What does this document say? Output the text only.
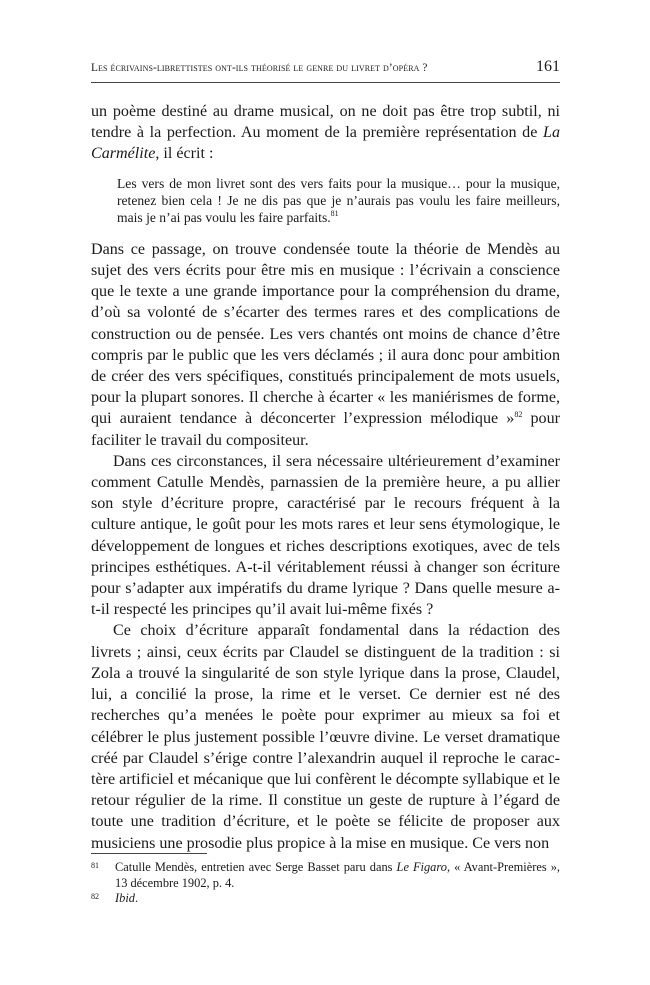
Les écrivains-librettistes ont-ils théorisé le genre du livret d’opéra ?	161

un poème destiné au drame musical, on ne doit pas être trop subtil, ni tendre à la perfection. Au moment de la première représentation de La Carmélite, il écrit :

Les vers de mon livret sont des vers faits pour la musique… pour la musique, retenez bien cela ! Je ne dis pas que je n’aurais pas voulu les faire meilleurs, mais je n’ai pas voulu les faire parfaits.$^{81}$

Dans ce passage, on trouve condensée toute la théorie de Mendès au sujet des vers écrits pour être mis en musique : l’écrivain a conscience que le texte a une grande importance pour la compréhension du drame, d’où sa volonté de s’écarter des termes rares et des complications de construction ou de pensée. Les vers chantés ont moins de chance d’être compris par le public que les vers déclamés ; il aura donc pour ambition de créer des vers spécifiques, constitués principalement de mots usuels, pour la plupart sonores. Il cherche à écarter « les maniérismes de forme, qui auraient tendance à déconcerter l’expression mélodique »$^{82}$ pour faciliter le travail du compositeur.

Dans ces circonstances, il sera nécessaire ultérieurement d’examiner comment Catulle Mendès, parnassien de la première heure, a pu allier son style d’écriture propre, caractérisé par le recours fréquent à la culture antique, le goût pour les mots rares et leur sens étymologique, le développement de longues et riches descriptions exotiques, avec de tels principes esthétiques. A-t-il véritablement réussi à changer son écriture pour s’adapter aux impératifs du drame lyrique ? Dans quelle mesure a-t-il respecté les principes qu’il avait lui-même fixés ?

Ce choix d’écriture apparaît fondamental dans la rédaction des livrets ; ainsi, ceux écrits par Claudel se distinguent de la tradition : si Zola a trouvé la singularité de son style lyrique dans la prose, Claudel, lui, a concilié la prose, la rime et le verset. Ce dernier est né des recherches qu’a menées le poète pour exprimer au mieux sa foi et célébrer le plus justement possible l’œuvre divine. Le verset dramatique créé par Claudel s’érige contre l’alexandrin auquel il reproche le caractère artificiel et mécanique que lui confèrent le décompte syllabique et le retour régulier de la rime. Il constitue un geste de rupture à l’égard de toute une tradition d’écriture, et le poète se félicite de proposer aux musiciens une prosodie plus propice à la mise en musique. Ce vers non

81 Catulle Mendès, entretien avec Serge Basset paru dans Le Figaro, « Avant-Premières », 13 décembre 1902, p. 4.
82 Ibid.
